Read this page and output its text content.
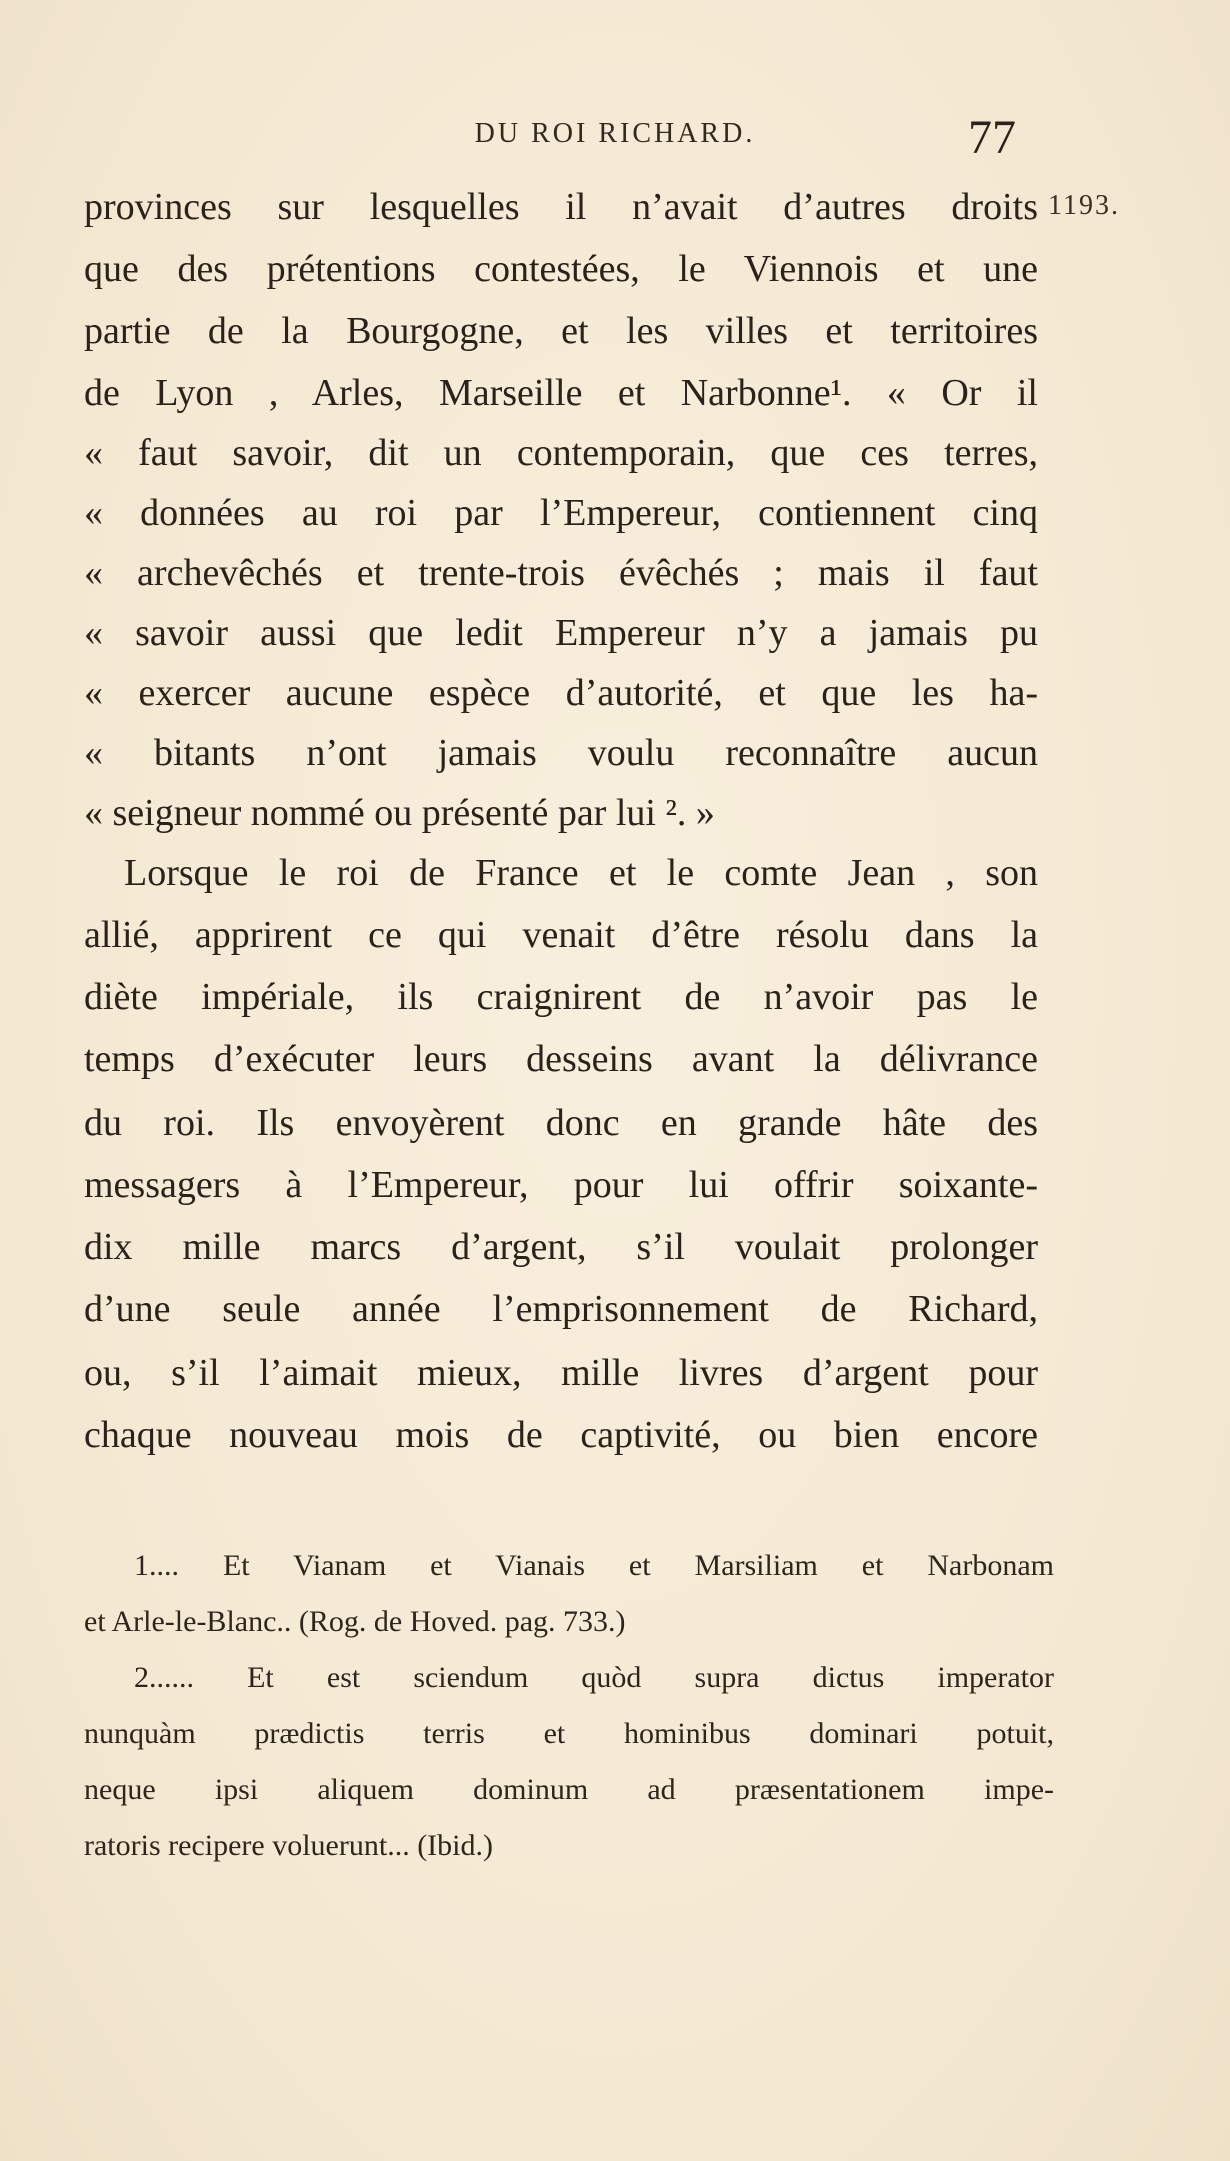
DU ROI RICHARD.	77
1193.
provinces sur lesquelles il n’avait d’autres droits
que des prétentions contestées, le Viennois et une
partie de la Bourgogne, et les villes et territoires
de Lyon , Arles, Marseille et Narbonne¹. « Or il
« faut savoir, dit un contemporain, que ces terres,
« données au roi par l’Empereur, contiennent cinq
« archevêchés et trente-trois évêchés ; mais il faut
« savoir aussi que ledit Empereur n’y a jamais pu
« exercer aucune espèce d’autorité, et que les ha-
« bitants n’ont jamais voulu reconnaître aucun
« seigneur nommé ou présenté par lui ². »
Lorsque le roi de France et le comte Jean , son
allié, apprirent ce qui venait d’être résolu dans la
diète impériale, ils craignirent de n’avoir pas le
temps d’exécuter leurs desseins avant la délivrance
du roi. Ils envoyèrent donc en grande hâte des
messagers à l’Empereur, pour lui offrir soixante-
dix mille marcs d’argent, s’il voulait prolonger
d’une seule année l’emprisonnement de Richard,
ou, s’il l’aimait mieux, mille livres d’argent pour
chaque nouveau mois de captivité, ou bien encore
1.... Et Vianam et Vianais et Marsiliam et Narbonam
et Arle-le-Blanc.. (Rog. de Hoved. pag. 733.)
2...... Et est sciendum quòd supra dictus imperator
nunquàm prædictis terris et hominibus dominari potuit,
neque ipsi aliquem dominum ad præsentationem impe-
ratoris recipere voluerunt... (Ibid.)
